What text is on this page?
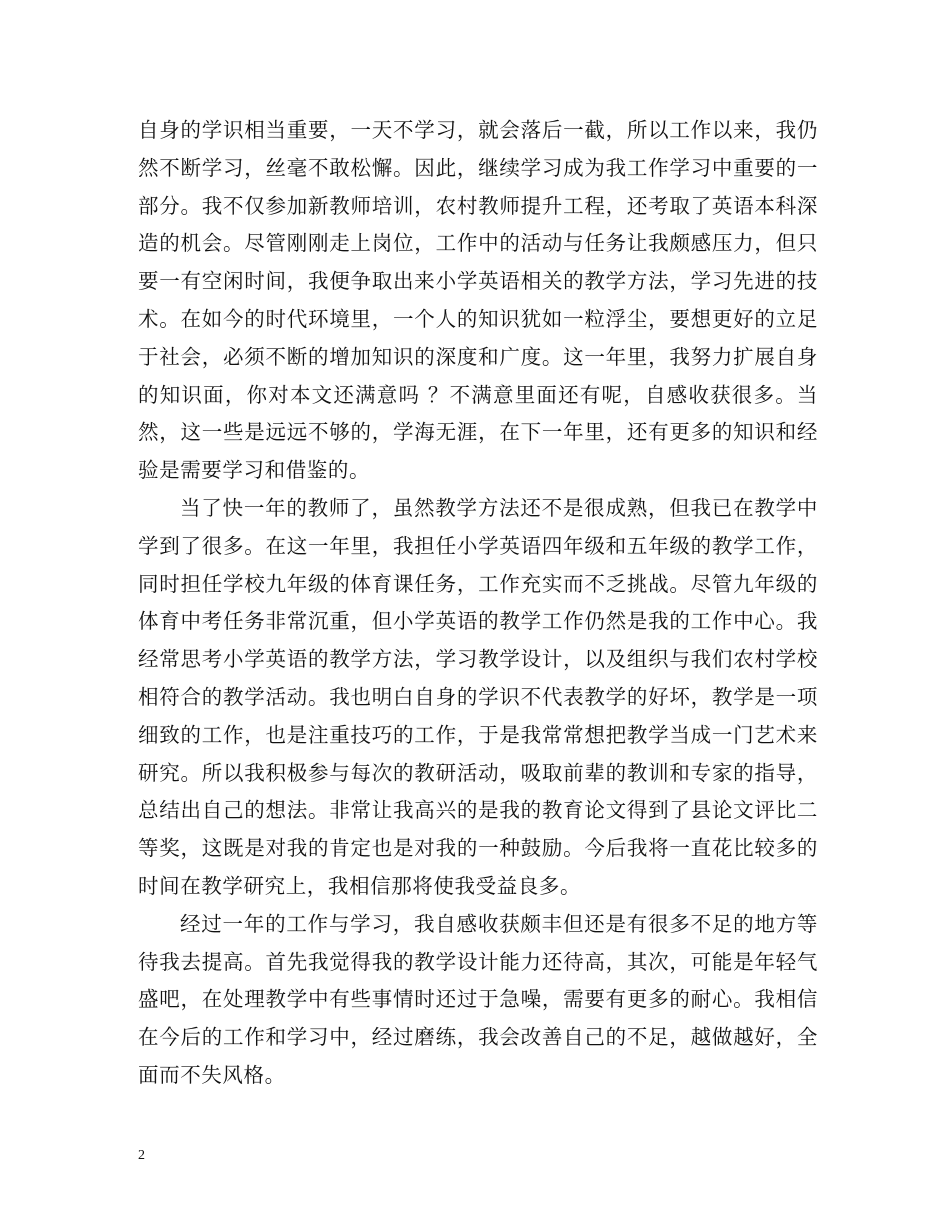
自身的学识相当重要，一天不学习，就会落后一截，所以工作以来，我仍然不断学习，丝毫不敢松懈。因此，继续学习成为我工作学习中重要的一部分。我不仅参加新教师培训，农村教师提升工程，还考取了英语本科深造的机会。尽管刚刚走上岗位，工作中的活动与任务让我颇感压力，但只要一有空闲时间，我便争取出来小学英语相关的教学方法，学习先进的技术。在如今的时代环境里，一个人的知识犹如一粒浮尘，要想更好的立足于社会，必须不断的增加知识的深度和广度。这一年里，我努力扩展自身的知识面，你对本文还满意吗 ？不满意里面还有呢，自感收获很多。当然，这一些是远远不够的，学海无涯，在下一年里，还有更多的知识和经验是需要学习和借鉴的。

当了快一年的教师了，虽然教学方法还不是很成熟，但我已在教学中学到了很多。在这一年里，我担任小学英语四年级和五年级的教学工作，同时担任学校九年级的体育课任务，工作充实而不乏挑战。尽管九年级的体育中考任务非常沉重，但小学英语的教学工作仍然是我的工作中心。我经常思考小学英语的教学方法，学习教学设计，以及组织与我们农村学校相符合的教学活动。我也明白自身的学识不代表教学的好坏，教学是一项细致的工作，也是注重技巧的工作，于是我常常想把教学当成一门艺术来研究。所以我积极参与每次的教研活动，吸取前辈的教训和专家的指导，总结出自己的想法。非常让我高兴的是我的教育论文得到了县论文评比二等奖，这既是对我的肯定也是对我的一种鼓励。今后我将一直花比较多的时间在教学研究上，我相信那将使我受益良多。

经过一年的工作与学习，我自感收获颇丰但还是有很多不足的地方等待我去提高。首先我觉得我的教学设计能力还待高，其次，可能是年轻气盛吧，在处理教学中有些事情时还过于急噪，需要有更多的耐心。我相信在今后的工作和学习中，经过磨练，我会改善自己的不足，越做越好，全面而不失风格。

2
